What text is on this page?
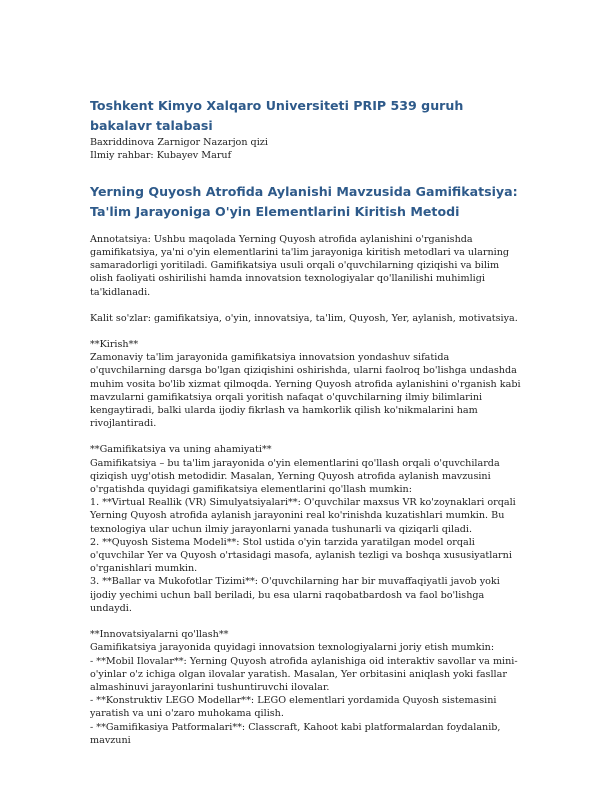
Toshkent Kimyo Xalqaro Universiteti PRIP 539 guruh bakalavr talabasi

Baxriddinova Zarnigor Nazarjon qizi

Ilmiy rahbar: Kubayev Maruf

Yerning Quyosh Atrofida Aylanishi Mavzusida Gamifikatsiya: Ta'lim Jarayoniga O'yin Elementlarini Kiritish Metodi

Annotatsiya: Ushbu maqolada Yerning Quyosh atrofida aylanishini o'rganishda gamifikatsiya, ya'ni o'yin elementlarini ta'lim jarayoniga kiritish metodlari va ularning samaradorligi yoritiladi. Gamifikatsiya usuli orqali o'quvchilarning qiziqishi va bilim olish faoliyati oshirilishi hamda innovatsion texnologiyalar qo'llanilishi muhimligi ta'kidlanadi.

Kalit so'zlar: gamifikatsiya, o'yin, innovatsiya, ta'lim, Quyosh, Yer, aylanish, motivatsiya.

**Kirish**

Zamonaviy ta'lim jarayonida gamifikatsiya innovatsion yondashuv sifatida o'quvchilarning darsga bo'lgan qiziqishini oshirishda, ularni faolroq bo'lishga undashda muhim vosita bo'lib xizmat qilmoqda. Yerning Quyosh atrofida aylanishini o'rganish kabi mavzularni gamifikatsiya orqali yoritish nafaqat o'quvchilarning ilmiy bilimlarini kengaytiradi, balki ularda ijodiy fikrlash va hamkorlik qilish ko'nikmalarini ham rivojlantiradi.

**Gamifikatsiya va uning ahamiyati**

Gamifikatsiya – bu ta'lim jarayonida o'yin elementlarini qo'llash orqali o'quvchilarda qiziqish uyg'otish metodidir. Masalan, Yerning Quyosh atrofida aylanish mavzusini o'rgatishda quyidagi gamifikatsiya elementlarini qo'llash mumkin:

1. **Virtual Reallik (VR) Simulyatsiyalari**: O'quvchilar maxsus VR ko'zoynaklari orqali Yerning Quyosh atrofida aylanish jarayonini real ko'rinishda kuzatishlari mumkin. Bu texnologiya ular uchun ilmiy jarayonlarni yanada tushunarli va qiziqarli qiladi.

2. **Quyosh Sistema Modeli**: Stol ustida o'yin tarzida yaratilgan model orqali o'quvchilar Yer va Quyosh o'rtasidagi masofa, aylanish tezligi va boshqa xususiyatlarni o'rganishlari mumkin.

3. **Ballar va Mukofotlar Tizimi**: O'quvchilarning har bir muvaffaqiyatli javob yoki ijodiy yechimi uchun ball beriladi, bu esa ularni raqobatbardosh va faol bo'lishga undaydi.

**Innovatsiyalarni qo'llash**

Gamifikatsiya jarayonida quyidagi innovatsion texnologiyalarni joriy etish mumkin:

- **Mobil Ilovalar**: Yerning Quyosh atrofida aylanishiga oid interaktiv savollar va mini-o'yinlar o'z ichiga olgan ilovalar yaratish. Masalan, Yer orbitasini aniqlash yoki fasllar almashinuvi jarayonlarini tushuntiruvchi ilovalar.

- **Konstruktiv LEGO Modellar**: LEGO elementlari yordamida Quyosh sistemasini yaratish va uni o'zaro muhokama qilish.

- **Gamifikasiya Patformalari**: Classcraft, Kahoot kabi platformalardan foydalanib, mavzuni
